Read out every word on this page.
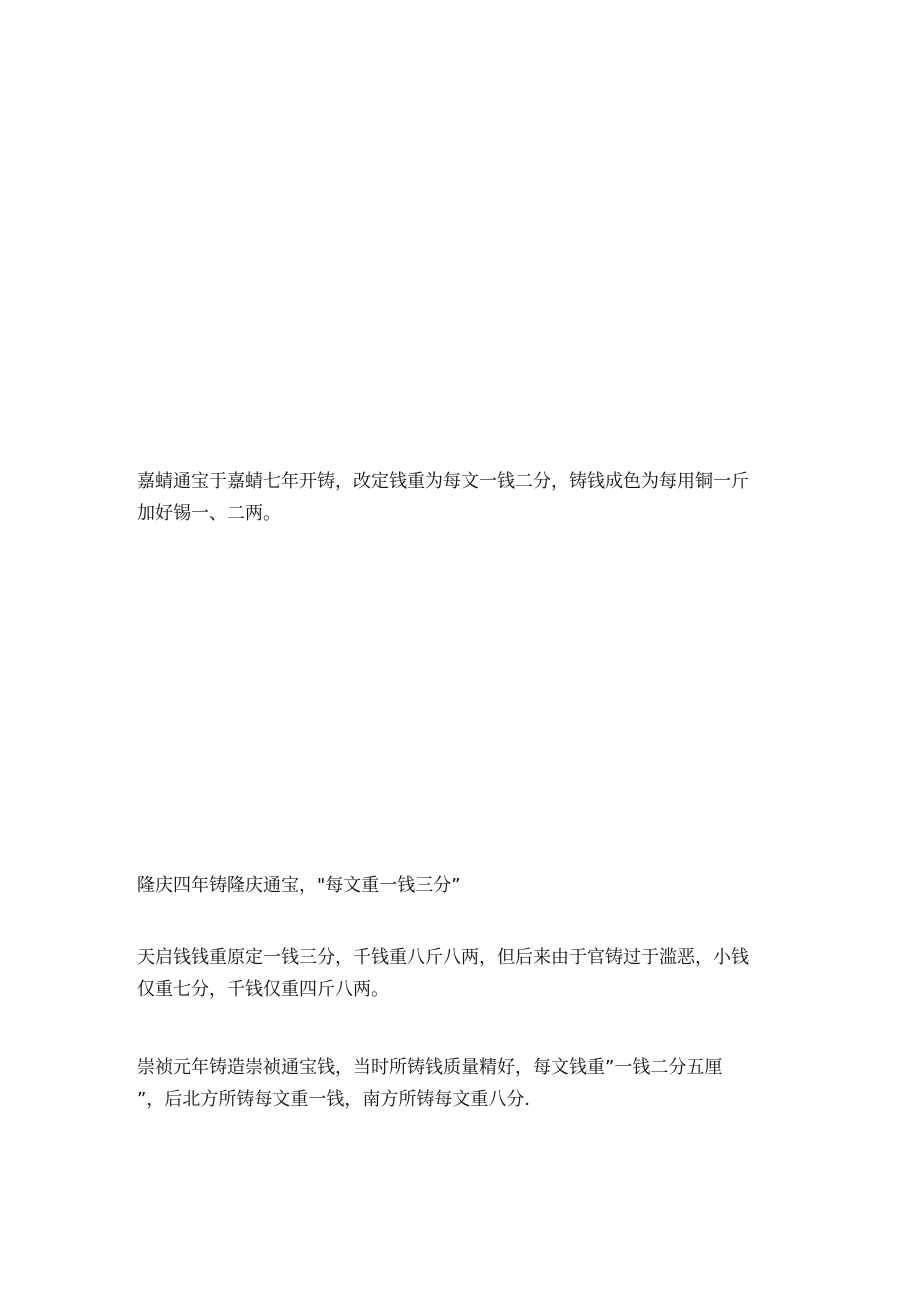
嘉蜻通宝于嘉蜻七年开铸，改定钱重为每文一钱二分，铸钱成色为每用铜一斤
加好锡一、二两。

隆庆四年铸隆庆通宝，"每文重一钱三分”

天启钱钱重原定一钱三分，千钱重八斤八两，但后来由于官铸过于滥恶，小钱
仅重七分，千钱仅重四斤八两。

崇祯元年铸造崇祯通宝钱，当时所铸钱质量精好，每文钱重”一钱二分五厘
”，后北方所铸每文重一钱，南方所铸每文重八分.
